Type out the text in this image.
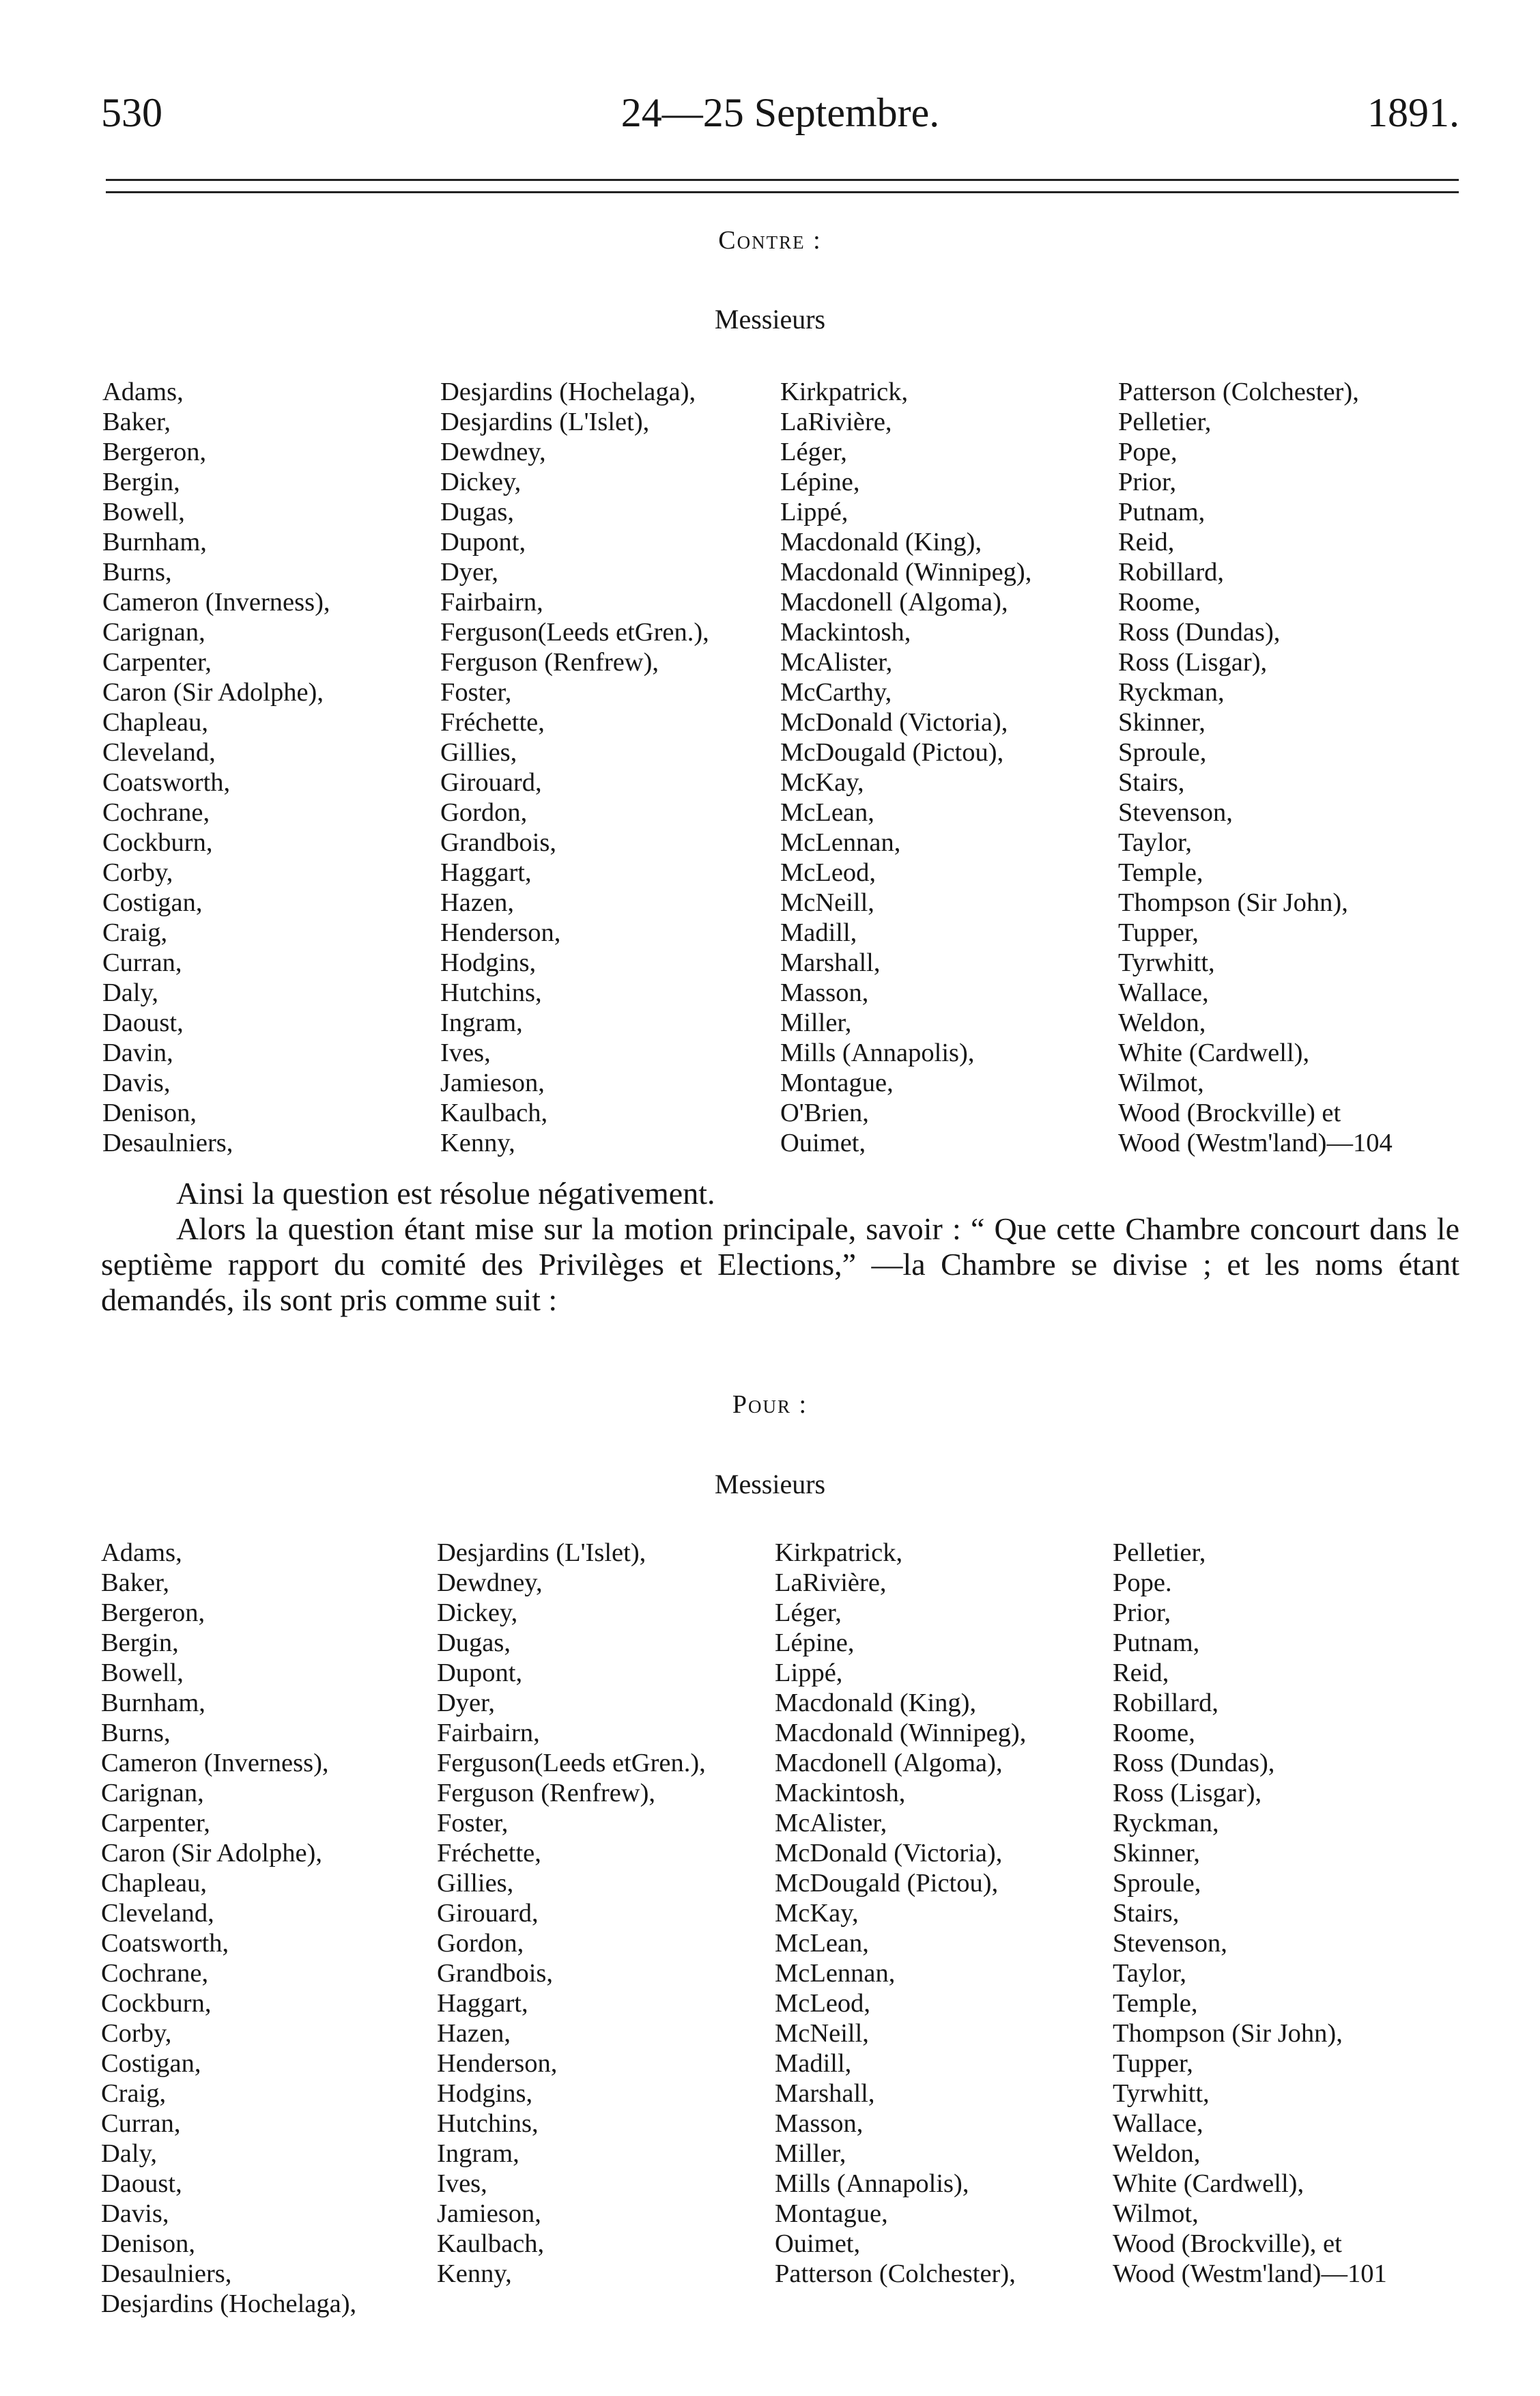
530	24—25 Septembre.	1891.
Contre :
Messieurs
Adams,
Baker,
Bergeron,
Bergin,
Bowell,
Burnham,
Burns,
Cameron (Inverness),
Carignan,
Carpenter,
Caron (Sir Adolphe),
Chapleau,
Cleveland,
Coatsworth,
Cochrane,
Cockburn,
Corby,
Costigan,
Craig,
Curran,
Daly,
Daoust,
Davin,
Davis,
Denison,
Desaulniers,
Desjardins (Hochelaga),
Desjardins (L'Islet),
Dewdney,
Dickey,
Dugas,
Dupont,
Dyer,
Fairbairn,
Ferguson(Leeds etGren.),
Ferguson (Renfrew),
Foster,
Fréchette,
Gillies,
Girouard,
Gordon,
Grandbois,
Haggart,
Hazen,
Henderson,
Hodgins,
Hutchins,
Ingram,
Ives,
Jamieson,
Kaulbach,
Kenny,
Kirkpatrick,
LaRivière,
Léger,
Lépine,
Lippé,
Macdonald (King),
Macdonald (Winnipeg),
Macdonell (Algoma),
Mackintosh,
McAlister,
McCarthy,
McDonald (Victoria),
McDougald (Pictou),
McKay,
McLean,
McLennan,
McLeod,
McNeill,
Madill,
Marshall,
Masson,
Miller,
Mills (Annapolis),
Montague,
O'Brien,
Ouimet,
Patterson (Colchester),
Pelletier,
Pope,
Prior,
Putnam,
Reid,
Robillard,
Roome,
Ross (Dundas),
Ross (Lisgar),
Ryckman,
Skinner,
Sproule,
Stairs,
Stevenson,
Taylor,
Temple,
Thompson (Sir John),
Tupper,
Tyrwhitt,
Wallace,
Weldon,
White (Cardwell),
Wilmot,
Wood (Brockville) et
Wood (Westm'land)—104

Ainsi la question est résolue négativement.

Alors la question étant mise sur la motion principale, savoir : “ Que cette Chambre concourt dans le septième rapport du comité des Privilèges et Elections,” —la Chambre se divise ; et les noms étant demandés, ils sont pris comme suit :

Pour :
Messieurs
Adams,
Baker,
Bergeron,
Bergin,
Bowell,
Burnham,
Burns,
Cameron (Inverness),
Carignan,
Carpenter,
Caron (Sir Adolphe),
Chapleau,
Cleveland,
Coatsworth,
Cochrane,
Cockburn,
Corby,
Costigan,
Craig,
Curran,
Daly,
Daoust,
Davis,
Denison,
Desaulniers,
Desjardins (Hochelaga),
Desjardins (L'Islet),
Dewdney,
Dickey,
Dugas,
Dupont,
Dyer,
Fairbairn,
Ferguson(Leeds etGren.),
Ferguson (Renfrew),
Foster,
Fréchette,
Gillies,
Girouard,
Gordon,
Grandbois,
Haggart,
Hazen,
Henderson,
Hodgins,
Hutchins,
Ingram,
Ives,
Jamieson,
Kaulbach,
Kenny,
Kirkpatrick,
LaRivière,
Léger,
Lépine,
Lippé,
Macdonald (King),
Macdonald (Winnipeg),
Macdonell (Algoma),
Mackintosh,
McAlister,
McDonald (Victoria),
McDougald (Pictou),
McKay,
McLean,
McLennan,
McLeod,
McNeill,
Madill,
Marshall,
Masson,
Miller,
Mills (Annapolis),
Montague,
Ouimet,
Patterson (Colchester),
Pelletier,
Pope.
Prior,
Putnam,
Reid,
Robillard,
Roome,
Ross (Dundas),
Ross (Lisgar),
Ryckman,
Skinner,
Sproule,
Stairs,
Stevenson,
Taylor,
Temple,
Thompson (Sir John),
Tupper,
Tyrwhitt,
Wallace,
Weldon,
White (Cardwell),
Wilmot,
Wood (Brockville), et
Wood (Westm'land)—101
